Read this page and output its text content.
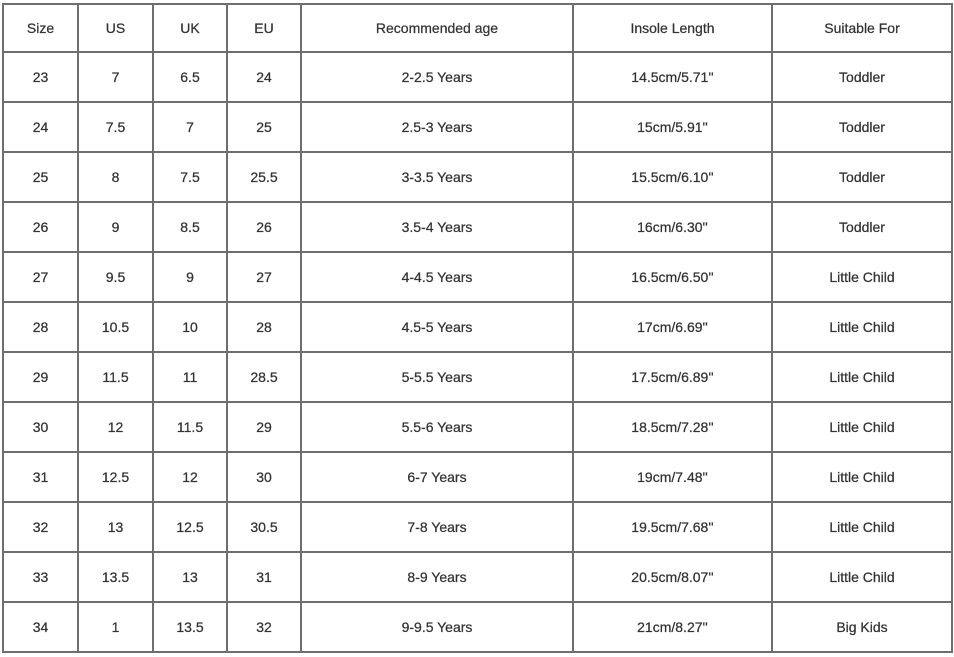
Size	US	UK	EU	Recommended age	Insole Length	Suitable For
23	7	6.5	24	2-2.5 Years	14.5cm/5.71''	Toddler
24	7.5	7	25	2.5-3 Years	15cm/5.91''	Toddler
25	8	7.5	25.5	3-3.5 Years	15.5cm/6.10''	Toddler
26	9	8.5	26	3.5-4 Years	16cm/6.30''	Toddler
27	9.5	9	27	4-4.5 Years	16.5cm/6.50''	Little Child
28	10.5	10	28	4.5-5 Years	17cm/6.69''	Little Child
29	11.5	11	28.5	5-5.5 Years	17.5cm/6.89''	Little Child
30	12	11.5	29	5.5-6 Years	18.5cm/7.28''	Little Child
31	12.5	12	30	6-7 Years	19cm/7.48''	Little Child
32	13	12.5	30.5	7-8 Years	19.5cm/7.68''	Little Child
33	13.5	13	31	8-9 Years	20.5cm/8.07''	Little Child
34	1	13.5	32	9-9.5 Years	21cm/8.27''	Big Kids
